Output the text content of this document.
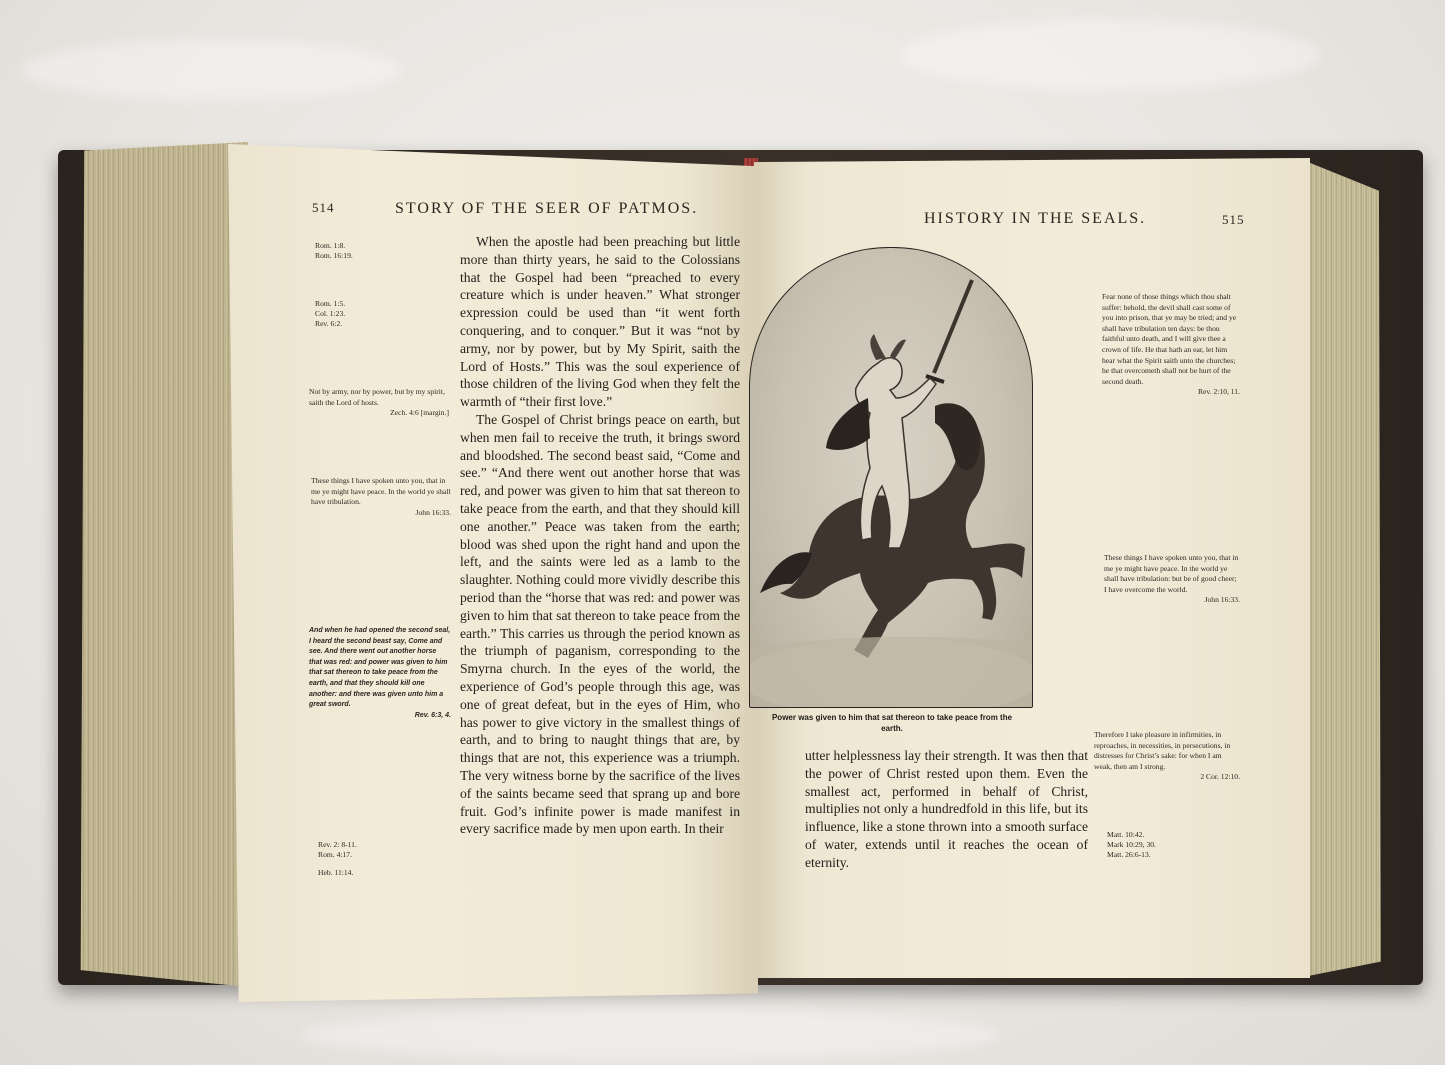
514	STORY OF THE SEER OF PATMOS.
Rom. 1:8.
Rom. 16:19.
Rom. 1:5.
Col. 1:23.
Rev. 6:2.
Not by army, nor by power, but by my spirit, saith the Lord of hosts.
Zech. 4:6 [margin.]
These things I have spoken unto you, that in me ye might have peace. In the world ye shall have tribulation.
John 16:33.
And when he had opened the second seal, I heard the second beast say, Come and see. And there went out another horse that was red: and power was given to him that sat thereon to take peace from the earth, and that they should kill one another: and there was given unto him a great sword.
Rev. 6:3, 4.
Rev. 2: 8-11.
Rom. 4:17.
Heb. 11:14.

When the apostle had been preaching but little more than thirty years, he said to the Colossians that the Gospel had been “preached to every creature which is under heaven.” What stronger expression could be used than “it went forth conquering, and to conquer.” But it was “not by army, nor by power, but by My Spirit, saith the Lord of Hosts.” This was the soul experience of those children of the living God when they felt the warmth of “their first love.”

The Gospel of Christ brings peace on earth, but when men fail to receive the truth, it brings sword and bloodshed. The second beast said, “Come and see.” “And there went out another horse that was red, and power was given to him that sat thereon to take peace from the earth, and that they should kill one another.” Peace was taken from the earth; blood was shed upon the right hand and upon the left, and the saints were led as a lamb to the slaughter. Nothing could more vividly describe this period than the “horse that was red: and power was given to him that sat thereon to take peace from the earth.” This carries us through the period known as the triumph of paganism, corresponding to the Smyrna church. In the eyes of the world, the experience of God’s people through this age, was one of great defeat, but in the eyes of Him, who has power to give victory in the smallest things of earth, and to bring to naught things that are, by things that are not, this experience was a triumph. The very witness borne by the sacrifice of the lives of the saints became seed that sprang up and bore fruit. God’s infinite power is made manifest in every sacrifice made by men upon earth. In their

HISTORY IN THE SEALS.	515

Power was given to him that sat thereon to take peace from the earth.

utter helplessness lay their strength. It was then that the power of Christ rested upon them. Even the smallest act, performed in behalf of Christ, multiplies not only a hundredfold in this life, but its influence, like a stone thrown into a smooth surface of water, extends until it reaches the ocean of eternity.

Fear none of those things which thou shalt suffer: behold, the devil shall cast some of you into prison, that ye may be tried; and ye shall have tribulation ten days: be thou faithful unto death, and I will give thee a crown of life. He that hath an ear, let him hear what the Spirit saith unto the churches; he that overcometh shall not be hurt of the second death.
Rev. 2:10, 11.
These things I have spoken unto you, that in me ye might have peace. In the world ye shall have tribulation: but be of good cheer; I have overcome the world.
John 16:33.
Therefore I take pleasure in infirmities, in reproaches, in necessities, in persecutions, in distresses for Christ’s sake: for when I am weak, then am I strong.
2 Cor. 12:10.
Matt. 10:42.
Mark 10:29, 30.
Matt. 26:6-13.
